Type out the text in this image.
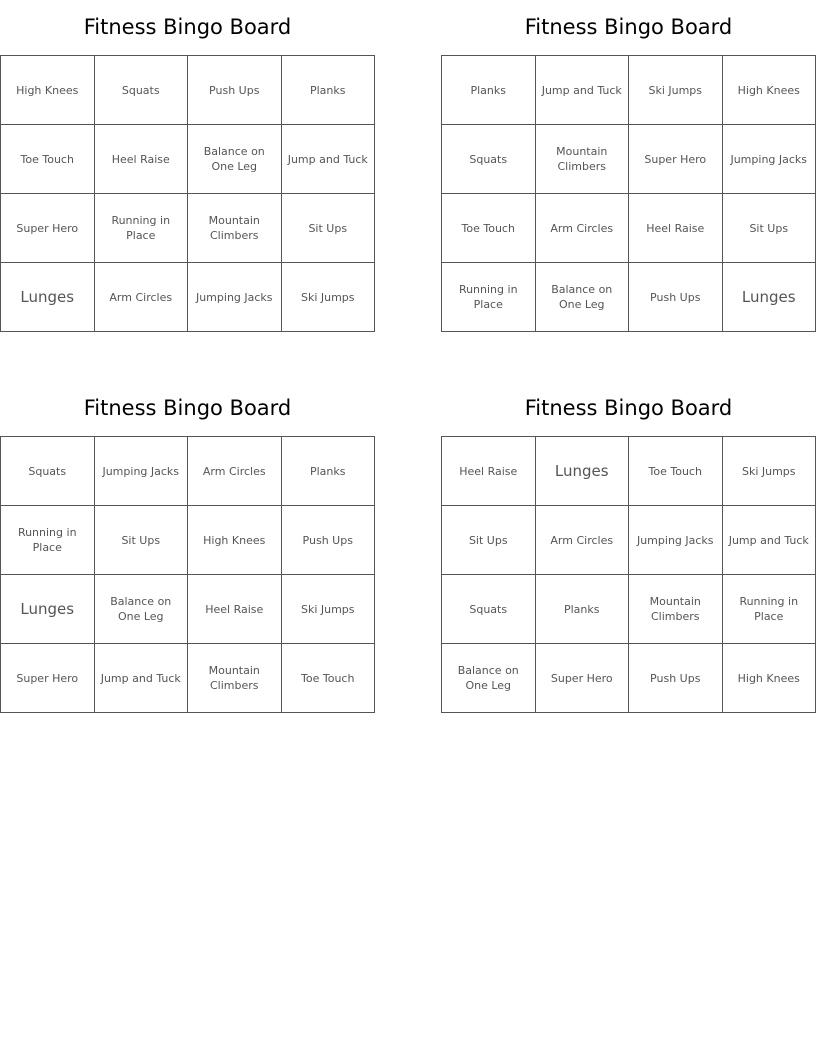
Fitness Bingo Board
High Knees	Squats	Push Ups	Planks
Toe Touch	Heel Raise	Balance on One Leg	Jump and Tuck
Super Hero	Running in Place	Mountain Climbers	Sit Ups
Lunges	Arm Circles	Jumping Jacks	Ski Jumps
Fitness Bingo Board
Planks	Jump and Tuck	Ski Jumps	High Knees
Squats	Mountain Climbers	Super Hero	Jumping Jacks
Toe Touch	Arm Circles	Heel Raise	Sit Ups
Running in Place	Balance on One Leg	Push Ups	Lunges
Fitness Bingo Board
Squats	Jumping Jacks	Arm Circles	Planks
Running in Place	Sit Ups	High Knees	Push Ups
Lunges	Balance on One Leg	Heel Raise	Ski Jumps
Super Hero	Jump and Tuck	Mountain Climbers	Toe Touch
Fitness Bingo Board
Heel Raise	Lunges	Toe Touch	Ski Jumps
Sit Ups	Arm Circles	Jumping Jacks	Jump and Tuck
Squats	Planks	Mountain Climbers	Running in Place
Balance on One Leg	Super Hero	Push Ups	High Knees
